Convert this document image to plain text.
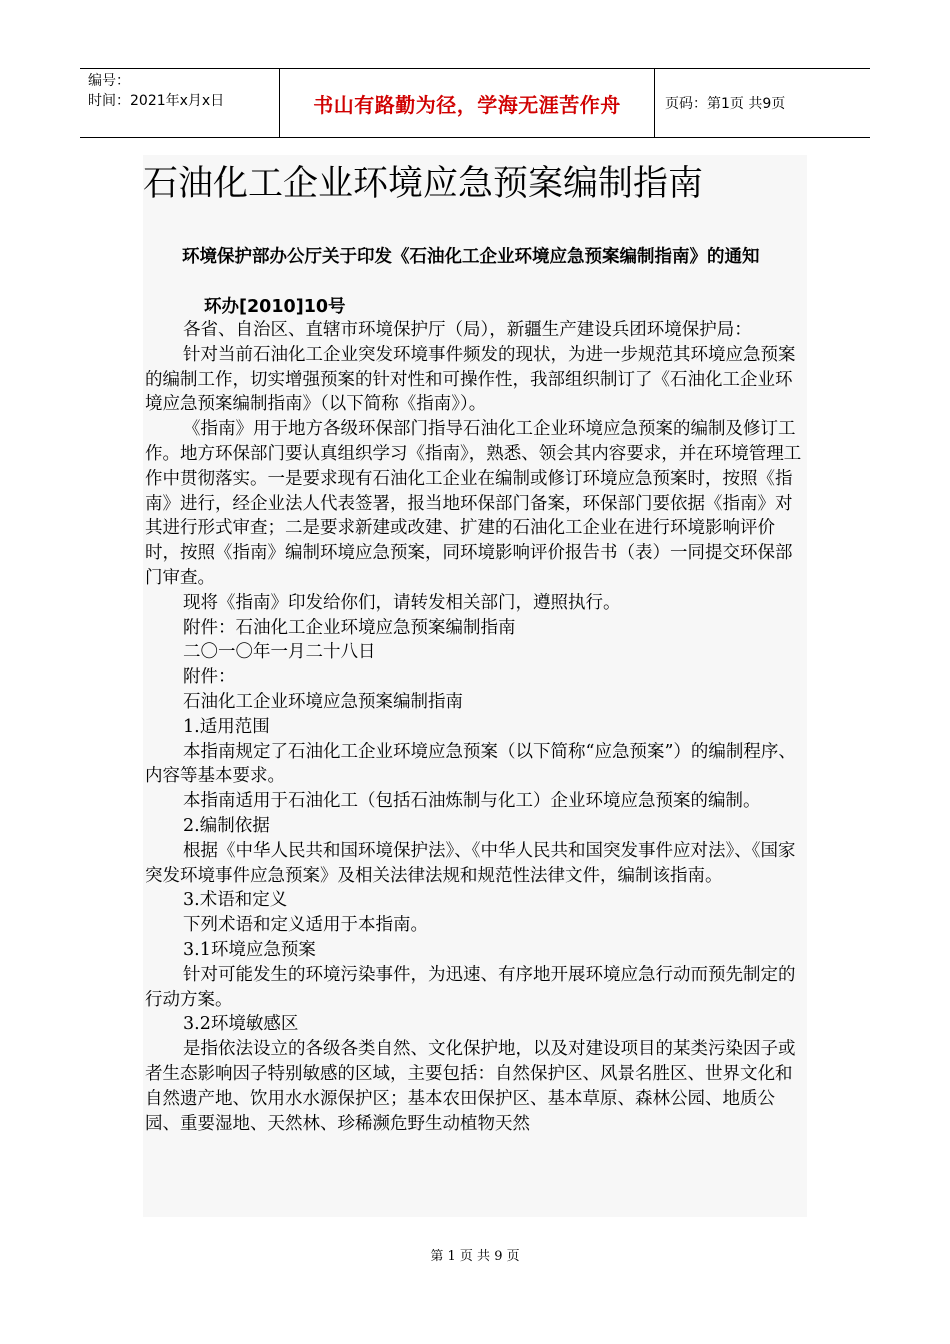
编号：
时间：2021年x月x日	书山有路勤为径，学海无涯苦作舟	页码：第1页 共9页
石油化工企业环境应急预案编制指南
环境保护部办公厅关于印发《石油化工企业环境应急预案编制指南》的通知
环办[2010]10号

各省、自治区、直辖市环境保护厅（局），新疆生产建设兵团环境保护局：

针对当前石油化工企业突发环境事件频发的现状，为进一步规范其环境应急预案的编制工作，切实增强预案的针对性和可操作性，我部组织制订了《石油化工企业环境应急预案编制指南》（以下简称《指南》）。

《指南》用于地方各级环保部门指导石油化工企业环境应急预案的编制及修订工作。地方环保部门要认真组织学习《指南》，熟悉、领会其内容要求，并在环境管理工作中贯彻落实。一是要求现有石油化工企业在编制或修订环境应急预案时，按照《指南》进行，经企业法人代表签署，报当地环保部门备案，环保部门要依据《指南》对其进行形式审查；二是要求新建或改建、扩建的石油化工企业在进行环境影响评价时，按照《指南》编制环境应急预案，同环境影响评价报告书（表）一同提交环保部门审查。

现将《指南》印发给你们，请转发相关部门，遵照执行。

附件：石油化工企业环境应急预案编制指南

二〇一〇年一月二十八日

附件：

石油化工企业环境应急预案编制指南

1.适用范围

本指南规定了石油化工企业环境应急预案（以下简称“应急预案”）的编制程序、内容等基本要求。

本指南适用于石油化工（包括石油炼制与化工）企业环境应急预案的编制。

2.编制依据

根据《中华人民共和国环境保护法》、《中华人民共和国突发事件应对法》、《国家突发环境事件应急预案》及相关法律法规和规范性法律文件，编制该指南。

3.术语和定义

下列术语和定义适用于本指南。

3.1环境应急预案

针对可能发生的环境污染事件，为迅速、有序地开展环境应急行动而预先制定的行动方案。

3.2环境敏感区

是指依法设立的各级各类自然、文化保护地，以及对建设项目的某类污染因子或者生态影响因子特别敏感的区域，主要包括：自然保护区、风景名胜区、世界文化和自然遗产地、饮用水水源保护区；基本农田保护区、基本草原、森林公园、地质公园、重要湿地、天然林、珍稀濒危野生动植物天然

第 1 页 共 9 页
